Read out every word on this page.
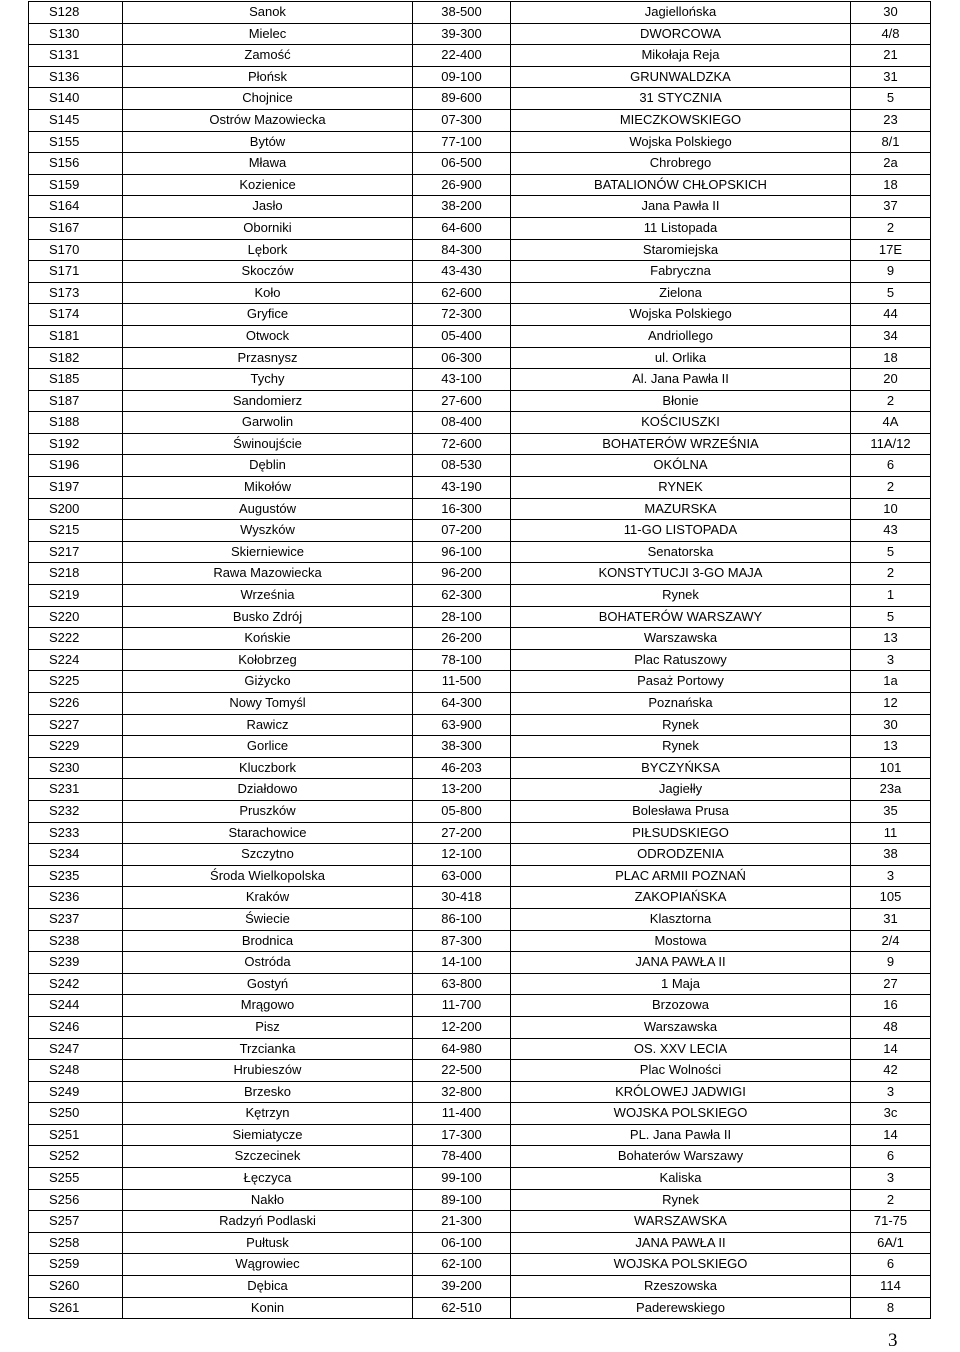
S128	Sanok	38-500	Jagiellońska	30
S130	Mielec	39-300	DWORCOWA	4/8
S131	Zamość	22-400	Mikołaja Reja	21
S136	Płońsk	09-100	GRUNWALDZKA	31
S140	Chojnice	89-600	31 STYCZNIA	5
S145	Ostrów Mazowiecka	07-300	MIECZKOWSKIEGO	23
S155	Bytów	77-100	Wojska Polskiego	8/1
S156	Mława	06-500	Chrobrego	2a
S159	Kozienice	26-900	BATALIONÓW CHŁOPSKICH	18
S164	Jasło	38-200	Jana Pawła II	37
S167	Oborniki	64-600	11 Listopada	2
S170	Lębork	84-300	Staromiejska	17E
S171	Skoczów	43-430	Fabryczna	9
S173	Koło	62-600	Zielona	5
S174	Gryfice	72-300	Wojska Polskiego	44
S181	Otwock	05-400	Andriollego	34
S182	Przasnysz	06-300	ul. Orlika	18
S185	Tychy	43-100	Al. Jana Pawła II	20
S187	Sandomierz	27-600	Błonie	2
S188	Garwolin	08-400	KOŚCIUSZKI	4A
S192	Świnoujście	72-600	BOHATERÓW WRZEŚNIA	11A/12
S196	Dęblin	08-530	OKÓLNA	6
S197	Mikołów	43-190	RYNEK	2
S200	Augustów	16-300	MAZURSKA	10
S215	Wyszków	07-200	11-GO LISTOPADA	43
S217	Skierniewice	96-100	Senatorska	5
S218	Rawa Mazowiecka	96-200	KONSTYTUCJI 3-GO MAJA	2
S219	Września	62-300	Rynek	1
S220	Busko Zdrój	28-100	BOHATERÓW WARSZAWY	5
S222	Końskie	26-200	Warszawska	13
S224	Kołobrzeg	78-100	Plac Ratuszowy	3
S225	Giżycko	11-500	Pasaż Portowy	1a
S226	Nowy Tomyśl	64-300	Poznańska	12
S227	Rawicz	63-900	Rynek	30
S229	Gorlice	38-300	Rynek	13
S230	Kluczbork	46-203	BYCZYŃKSA	101
S231	Działdowo	13-200	Jagiełły	23a
S232	Pruszków	05-800	Bolesława Prusa	35
S233	Starachowice	27-200	PIŁSUDSKIEGO	11
S234	Szczytno	12-100	ODRODZENIA	38
S235	Środa Wielkopolska	63-000	PLAC ARMII POZNAŃ	3
S236	Kraków	30-418	ZAKOPIAŃSKA	105
S237	Świecie	86-100	Klasztorna	31
S238	Brodnica	87-300	Mostowa	2/4
S239	Ostróda	14-100	JANA PAWŁA II	9
S242	Gostyń	63-800	1 Maja	27
S244	Mrągowo	11-700	Brzozowa	16
S246	Pisz	12-200	Warszawska	48
S247	Trzcianka	64-980	OS. XXV LECIA	14
S248	Hrubieszów	22-500	Plac Wolności	42
S249	Brzesko	32-800	KRÓLOWEJ JADWIGI	3
S250	Kętrzyn	11-400	WOJSKA POLSKIEGO	3c
S251	Siemiatycze	17-300	PL. Jana Pawła II	14
S252	Szczecinek	78-400	Bohaterów Warszawy	6
S255	Łęczyca	99-100	Kaliska	3
S256	Nakło	89-100	Rynek	2
S257	Radzyń Podlaski	21-300	WARSZAWSKA	71-75
S258	Pułtusk	06-100	JANA PAWŁA II	6A/1
S259	Wągrowiec	62-100	WOJSKA POLSKIEGO	6
S260	Dębica	39-200	Rzeszowska	114
S261	Konin	62-510	Paderewskiego	8
3
